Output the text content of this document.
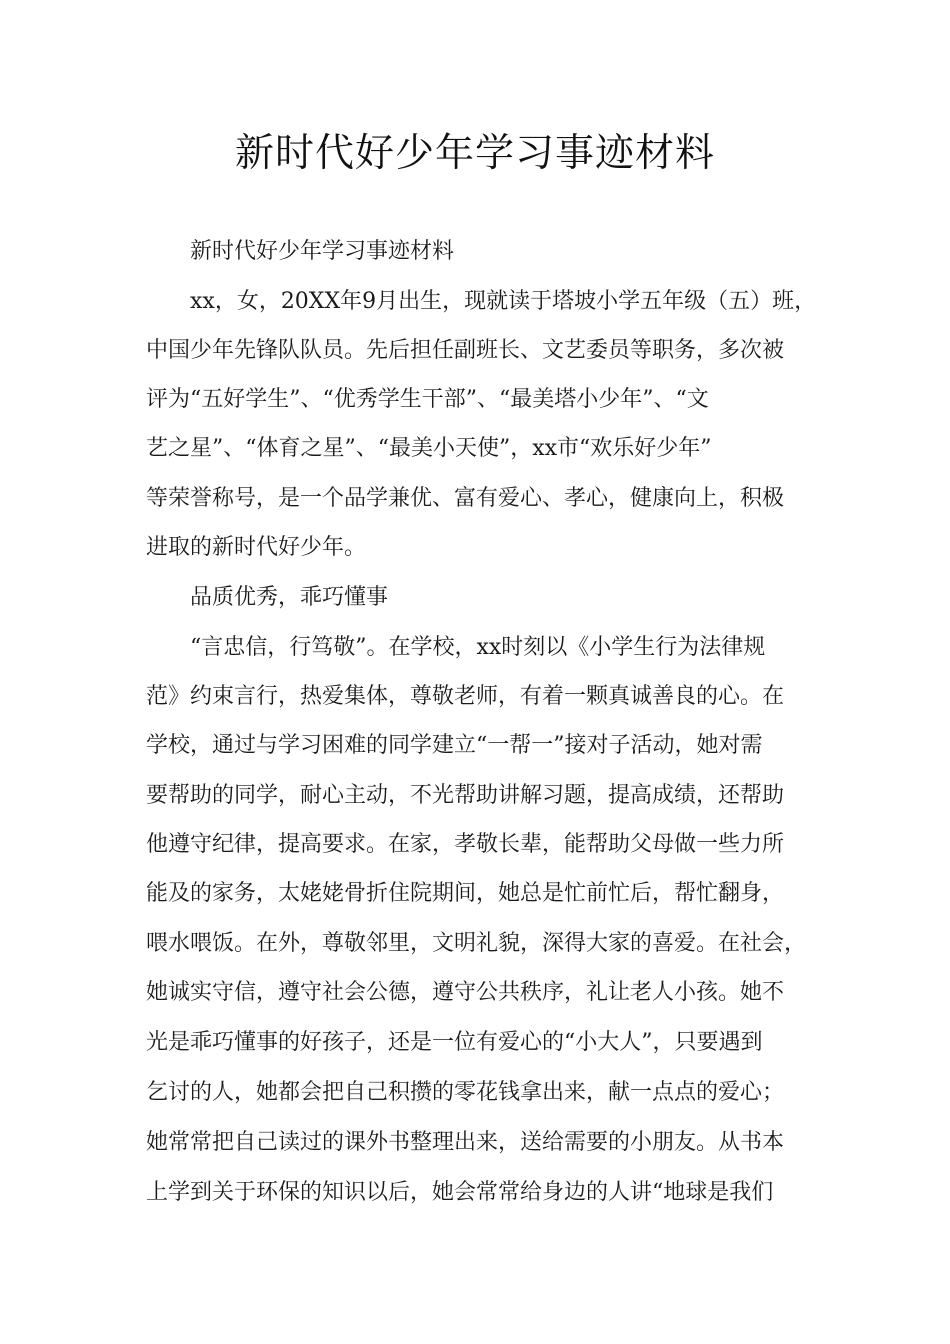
新时代好少年学习事迹材料
新时代好少年学习事迹材料
xx，女，20XX年9月出生，现就读于塔坡小学五年级（五）班，
中国少年先锋队队员。先后担任副班长、文艺委员等职务，多次被
评为“五好学生”、“优秀学生干部”、“最美塔小少年”、“文
艺之星”、“体育之星”、“最美小天使”，xx市“欢乐好少年”
等荣誉称号，是一个品学兼优、富有爱心、孝心，健康向上，积极
进取的新时代好少年。
品质优秀，乖巧懂事
“言忠信，行笃敬”。在学校，xx时刻以《小学生行为法律规
范》约束言行，热爱集体，尊敬老师，有着一颗真诚善良的心。在
学校，通过与学习困难的同学建立“一帮一”接对子活动，她对需
要帮助的同学，耐心主动，不光帮助讲解习题，提高成绩，还帮助
他遵守纪律，提高要求。在家，孝敬长辈，能帮助父母做一些力所
能及的家务，太姥姥骨折住院期间，她总是忙前忙后，帮忙翻身，
喂水喂饭。在外，尊敬邻里，文明礼貌，深得大家的喜爱。在社会，
她诚实守信，遵守社会公德，遵守公共秩序，礼让老人小孩。她不
光是乖巧懂事的好孩子，还是一位有爱心的“小大人”，只要遇到
乞讨的人，她都会把自己积攒的零花钱拿出来，献一点点的爱心；
她常常把自己读过的课外书整理出来，送给需要的小朋友。从书本
上学到关于环保的知识以后，她会常常给身边的人讲“地球是我们
